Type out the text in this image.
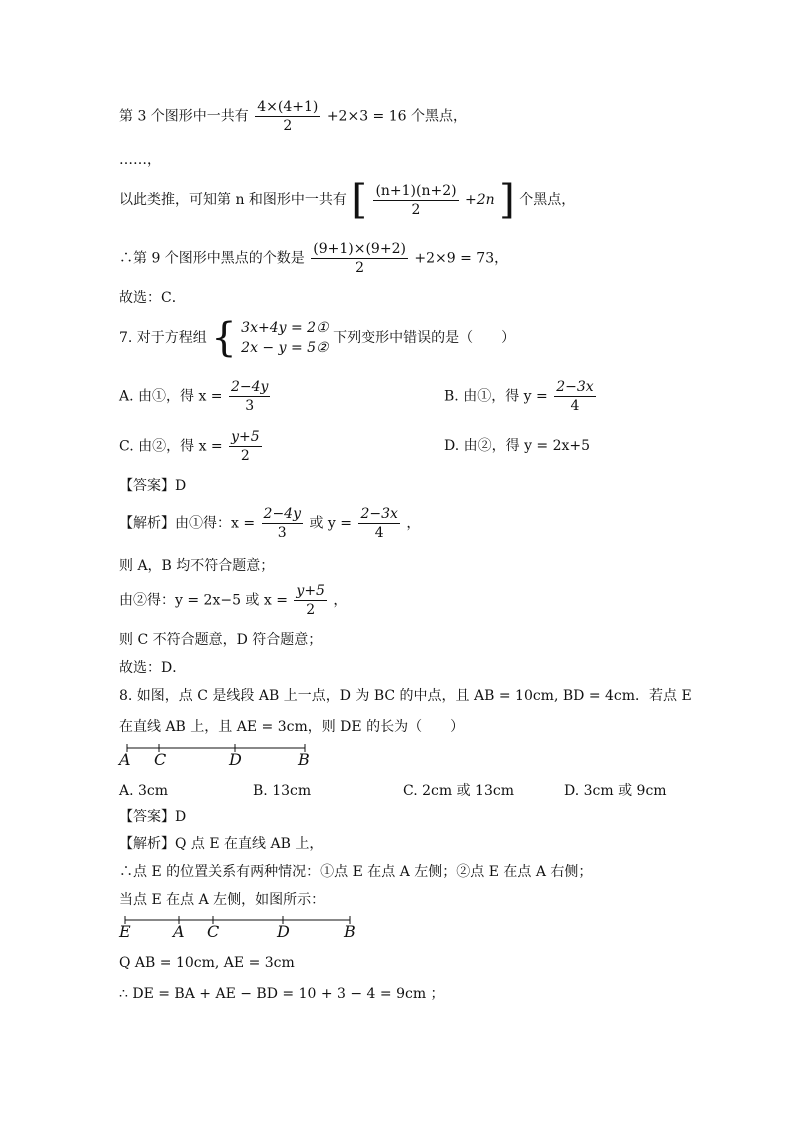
第 3 个图形中一共有 $\frac{4\times(4+1)}{2} +2\times 3 = 16$ 个黑点，
……，
以此类推，可知第 n 和图形中一共有 [ $\frac{(n+1)(n+2)}{2} +2n$ ] 个黑点，
∴第 9 个图形中黑点的个数是 $\frac{(9+1)\times(9+2)}{2} +2\times 9 = 73$，
故选：C．
7. 对于方程组 { 3x+4y = 2①
2x − y = 5②
下列变形中错误的是（　　）
A. 由①，得 $x = \frac{2-4y}{3}$	B. 由①，得 $y = \frac{2-3x}{4}$
C. 由②，得 $x = \frac{y+5}{2}$	D. 由②，得 y = 2x+5
【答案】D
【解析】由①得：$x = \frac{2-4y}{3}$ 或 $y = \frac{2-3x}{4}$ ，
则 A，B 均不符合题意；
由②得：y = 2x−5 或 $x = \frac{y+5}{2}$ ，
则 C 不符合题意，D 符合题意；
故选：D．
8. 如图，点 C 是线段 AB 上一点，D 为 BC 的中点，且 AB = 10cm, BD = 4cm．若点 E
在直线 AB 上，且 AE = 3cm，则 DE 的长为（　　）
A C	D	B
A. 3cm	B. 13cm	C. 2cm 或 13cm	D. 3cm 或 9cm
【答案】D
【解析】Q 点 E 在直线 AB 上，
∴点 E 的位置关系有两种情况：①点 E 在点 A 左侧；②点 E 在点 A 右侧；
当点 E 在点 A 左侧，如图所示：
E	A C	D	B
Q AB = 10cm, AE = 3cm
∴ DE = BA + AE − BD = 10 + 3 − 4 = 9cm ；
